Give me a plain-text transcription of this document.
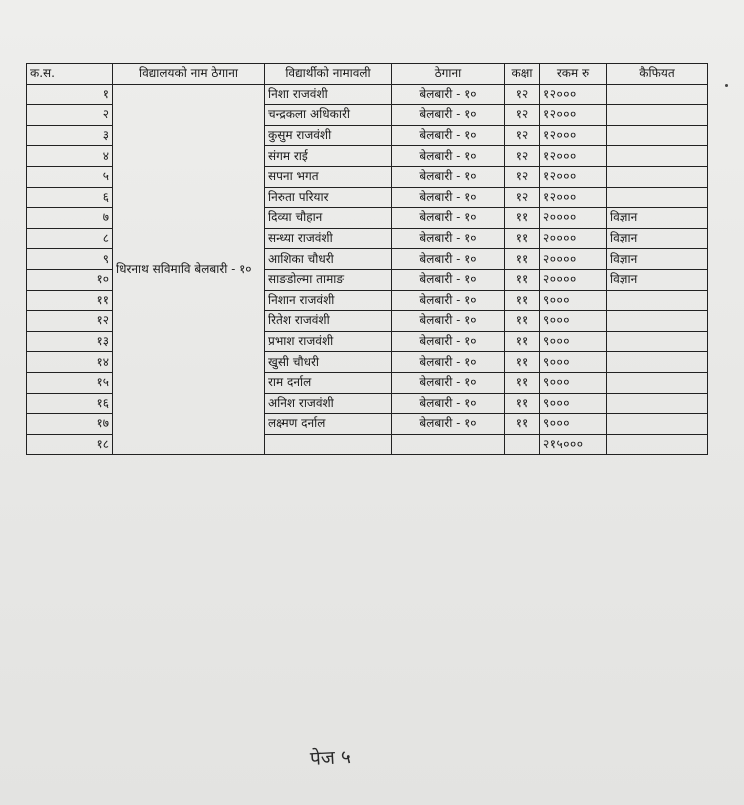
क.स.	विद्यालयको नाम ठेगाना	विद्यार्थीको नामावली	ठेगाना	कक्षा	रकम रु	कैफियत
१	धिरनाथ सविमावि बेलबारी - १०	निशा राजवंशी	बेलबारी - १०	१२	१२०००	
२		चन्द्रकला अधिकारी	बेलबारी - १०	१२	१२०००	
३		कुसुम राजवंशी	बेलबारी - १०	१२	१२०००	
४		संगम राई	बेलबारी - १०	१२	१२०००	
५		सपना भगत	बेलबारी - १०	१२	१२०००	
६		निरुता परियार	बेलबारी - १०	१२	१२०००	
७		दिव्या चौहान	बेलबारी - १०	११	२००००	विज्ञान
८		सन्ध्या राजवंशी	बेलबारी - १०	११	२००००	विज्ञान
९		आशिका चौधरी	बेलबारी - १०	११	२००००	विज्ञान
१०		साङडोल्मा तामाङ	बेलबारी - १०	११	२००००	विज्ञान
११		निशान राजवंशी	बेलबारी - १०	११	९०००	
१२		रितेश राजवंशी	बेलबारी - १०	११	९०००	
१३		प्रभाश राजवंशी	बेलबारी - १०	११	९०००	
१४		खुसी चौधरी	बेलबारी - १०	११	९०००	
१५		राम दर्नाल	बेलबारी - १०	११	९०००	
१६		अनिश राजवंशी	बेलबारी - १०	११	९०००	
१७		लक्ष्मण दर्नाल	बेलबारी - १०	११	९०००	
१८					२१५०००	
पेज ५
